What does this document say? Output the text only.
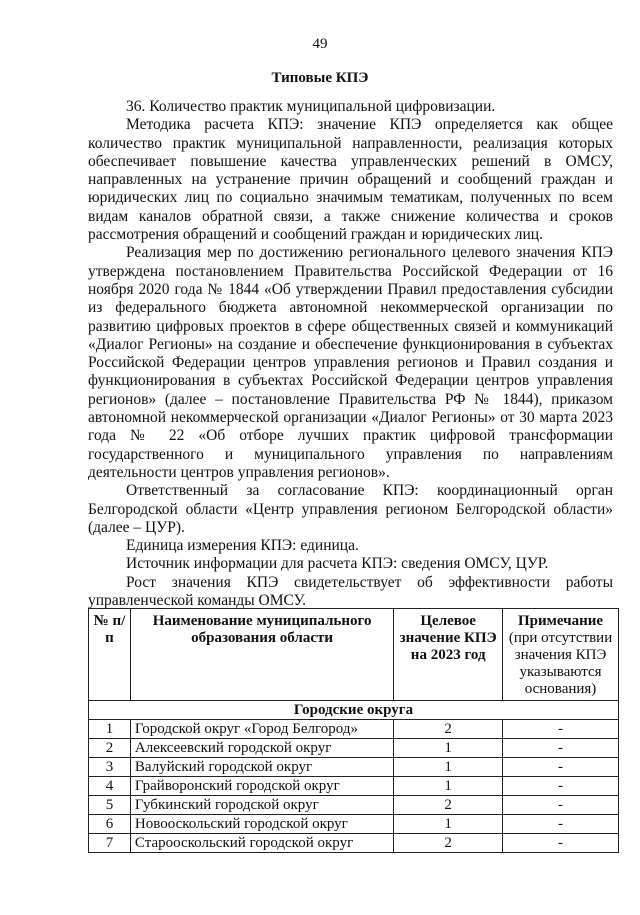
49
Типовые КПЭ

36. Количество практик муниципальной цифровизации.

Методика расчета КПЭ: значение КПЭ определяется как общее количество практик муниципальной направленности, реализация которых обеспечивает повышение качества управленческих решений в ОМСУ, направленных на устранение причин обращений и сообщений граждан и юридических лиц по социально значимым тематикам, полученных по всем видам каналов обратной связи, а также снижение количества и сроков рассмотрения обращений и сообщений граждан и юридических лиц.

Реализация мер по достижению регионального целевого значения КПЭ утверждена постановлением Правительства Российской Федерации от 16 ноября 2020 года № 1844 «Об утверждении Правил предоставления субсидии из федерального бюджета автономной некоммерческой организации по развитию цифровых проектов в сфере общественных связей и коммуникаций «Диалог Регионы» на создание и обеспечение функционирования в субъектах Российской Федерации центров управления регионов и Правил создания и функционирования в субъектах Российской Федерации центров управления регионов» (далее – постановление Правительства РФ № 1844), приказом автономной некоммерческой организации «Диалог Регионы» от 30 марта 2023 года № 22 «Об отборе лучших практик цифровой трансформации государственного и муниципального управления по направлениям деятельности центров управления регионов».

Ответственный за согласование КПЭ: координационный орган Белгородской области «Центр управления регионом Белгородской области» (далее – ЦУР).

Единица измерения КПЭ: единица.

Источник информации для расчета КПЭ: сведения ОМСУ, ЦУР.

Рост значения КПЭ свидетельствует об эффективности работы управленческой команды ОМСУ.

№ п/п	Наименование муниципального образования области	Целевое значение КПЭ на 2023 год	Примечание
(при отсутствии значения КПЭ указываются основания)
Городские округа			
1	Городской округ «Город Белгород»	2	-
2	Алексеевский городской округ	1	-
3	Валуйский городской округ	1	-
4	Грайворонский городской округ	1	-
5	Губкинский городской округ	2	-
6	Новооскольский городской округ	1	-
7	Старооскольский городской округ	2	-
